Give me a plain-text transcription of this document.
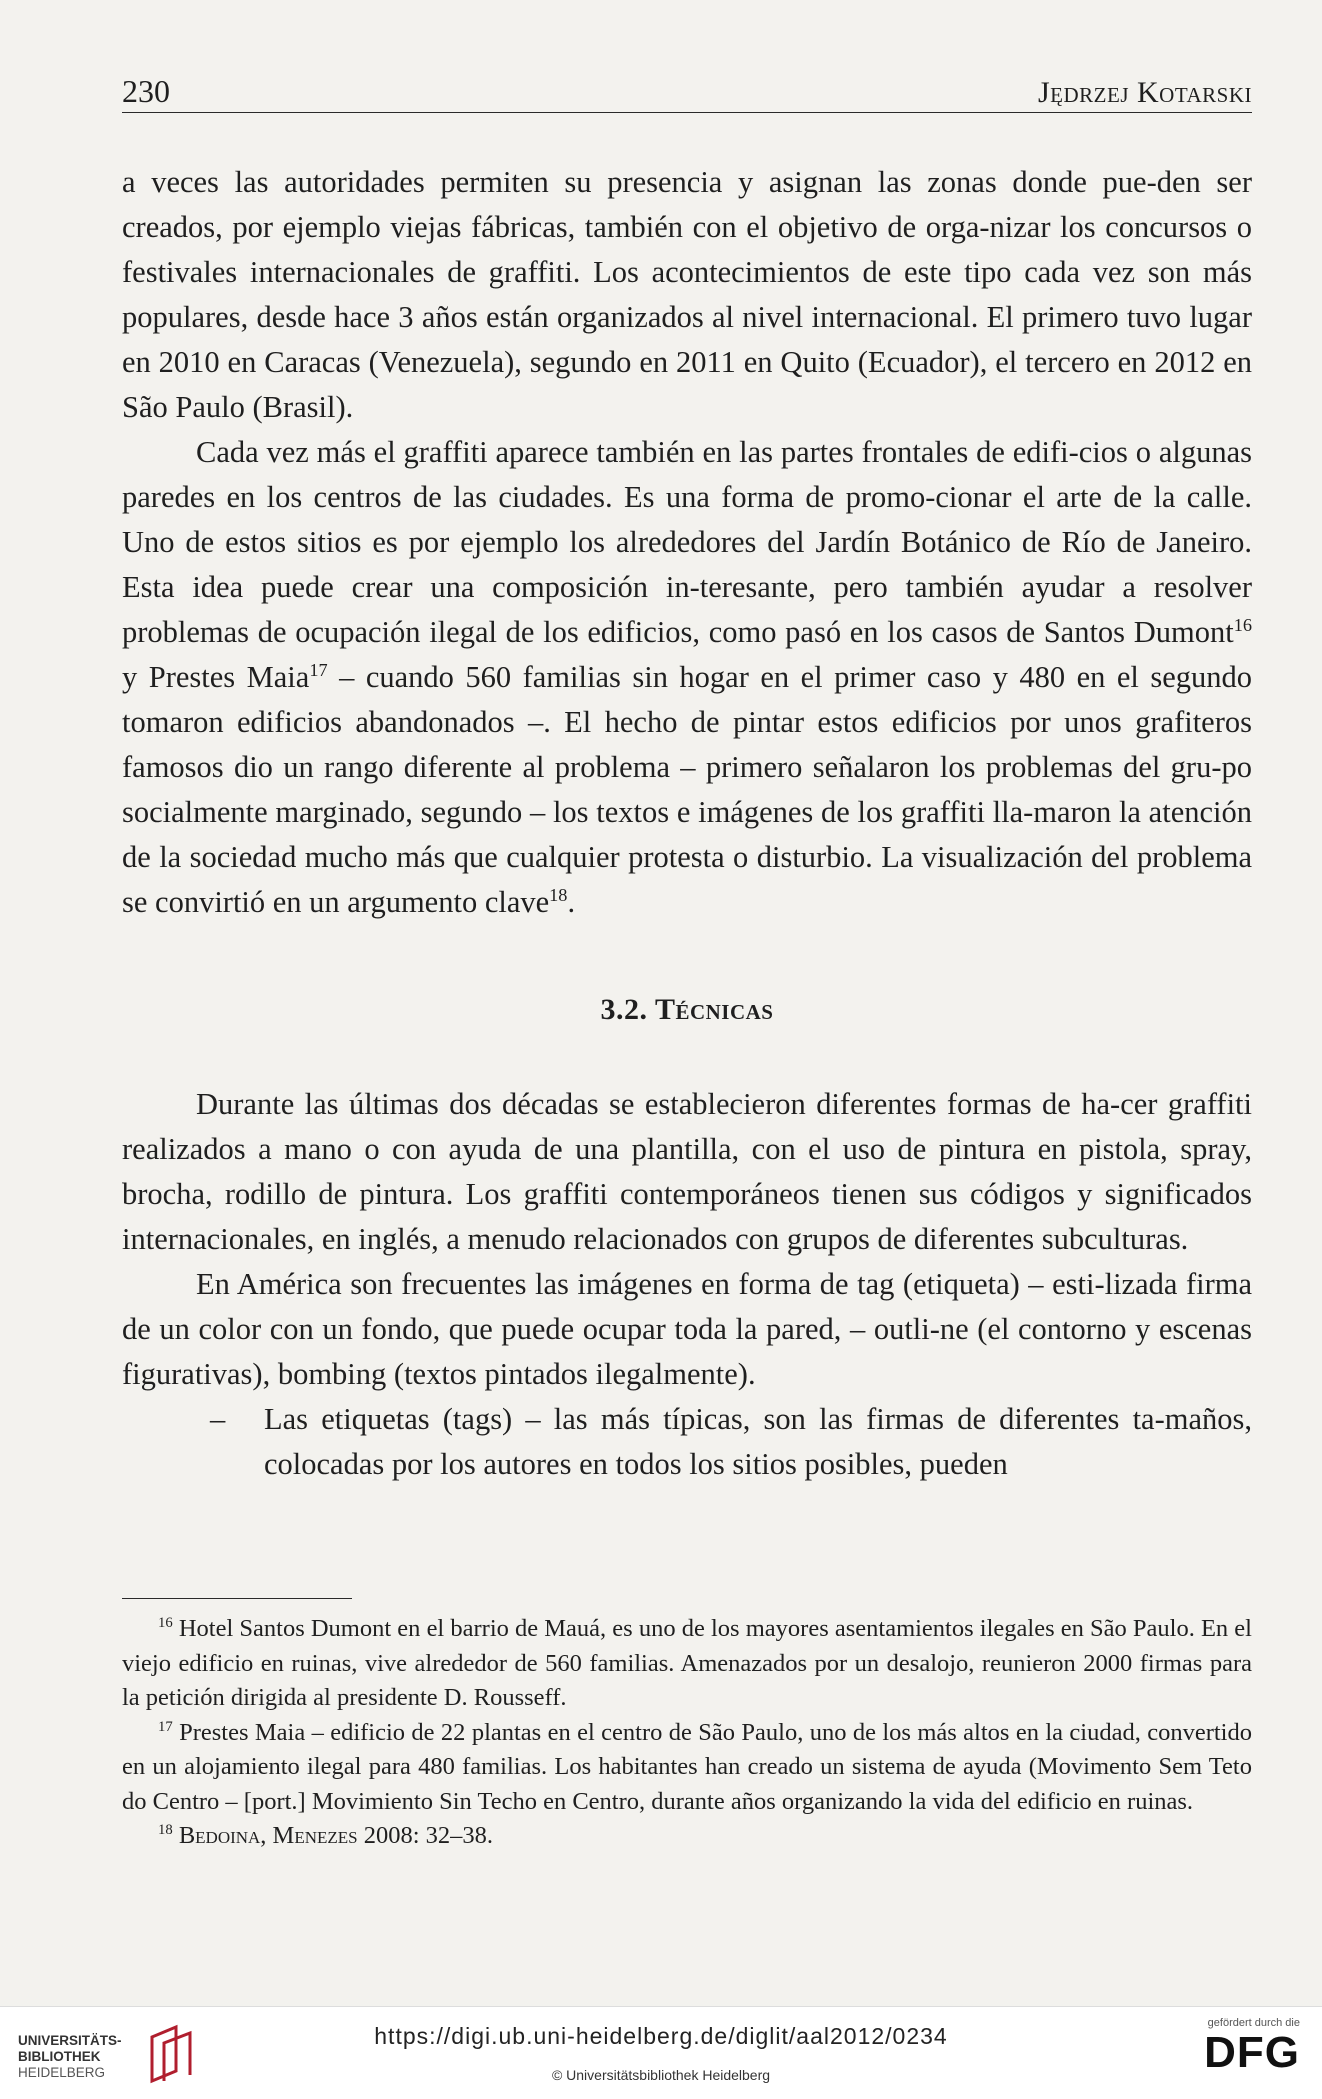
230	Jędrzej Kotarski

a veces las autoridades permiten su presencia y asignan las zonas donde pue-den ser creados, por ejemplo viejas fábricas, también con el objetivo de orga-nizar los concursos o festivales internacionales de graffiti. Los acontecimientos de este tipo cada vez son más populares, desde hace 3 años están organizados al nivel internacional. El primero tuvo lugar en 2010 en Caracas (Venezuela), segundo en 2011 en Quito (Ecuador), el tercero en 2012 en São Paulo (Brasil).

Cada vez más el graffiti aparece también en las partes frontales de edifi-cios o algunas paredes en los centros de las ciudades. Es una forma de promo-cionar el arte de la calle. Uno de estos sitios es por ejemplo los alrededores del Jardín Botánico de Río de Janeiro. Esta idea puede crear una composición in-teresante, pero también ayudar a resolver problemas de ocupación ilegal de los edificios, como pasó en los casos de Santos Dumont$^{16}$ y Prestes Maia$^{17}$ – cuando 560 familias sin hogar en el primer caso y 480 en el segundo tomaron edificios abandonados –. El hecho de pintar estos edificios por unos grafiteros famosos dio un rango diferente al problema – primero señalaron los problemas del gru-po socialmente marginado, segundo – los textos e imágenes de los graffiti lla-maron la atención de la sociedad mucho más que cualquier protesta o disturbio. La visualización del problema se convirtió en un argumento clave$^{18}$.

3.2. Técnicas

Durante las últimas dos décadas se establecieron diferentes formas de ha-cer graffiti realizados a mano o con ayuda de una plantilla, con el uso de pintura en pistola, spray, brocha, rodillo de pintura. Los graffiti contemporáneos tienen sus códigos y significados internacionales, en inglés, a menudo relacionados con grupos de diferentes subculturas.

En América son frecuentes las imágenes en forma de tag (etiqueta) – esti-lizada firma de un color con un fondo, que puede ocupar toda la pared, – outli-ne (el contorno y escenas figurativas), bombing (textos pintados ilegalmente).

– Las etiquetas (tags) – las más típicas, son las firmas de diferentes ta-maños, colocadas por los autores en todos los sitios posibles, pueden

$^{16}$ Hotel Santos Dumont en el barrio de Mauá, es uno de los mayores asentamientos ilegales en São Paulo. En el viejo edificio en ruinas, vive alrededor de 560 familias. Amenazados por un desalojo, reunieron 2000 firmas para la petición dirigida al presidente D. Rousseff.

$^{17}$ Prestes Maia – edificio de 22 plantas en el centro de São Paulo, uno de los más altos en la ciudad, convertido en un alojamiento ilegal para 480 familias. Los habitantes han creado un sistema de ayuda (Movimento Sem Teto do Centro – [port.] Movimiento Sin Techo en Centro, durante años organizando la vida del edificio en ruinas.

$^{18}$ Bedoina, Menezes 2008: 32–38.

UNIVERSITÄTS-
BIBLIOTHEK
HEIDELBERG
https://digi.ub.uni-heidelberg.de/diglit/aal2012/0234
© Universitätsbibliothek Heidelberg
gefördert durch die
DFG
